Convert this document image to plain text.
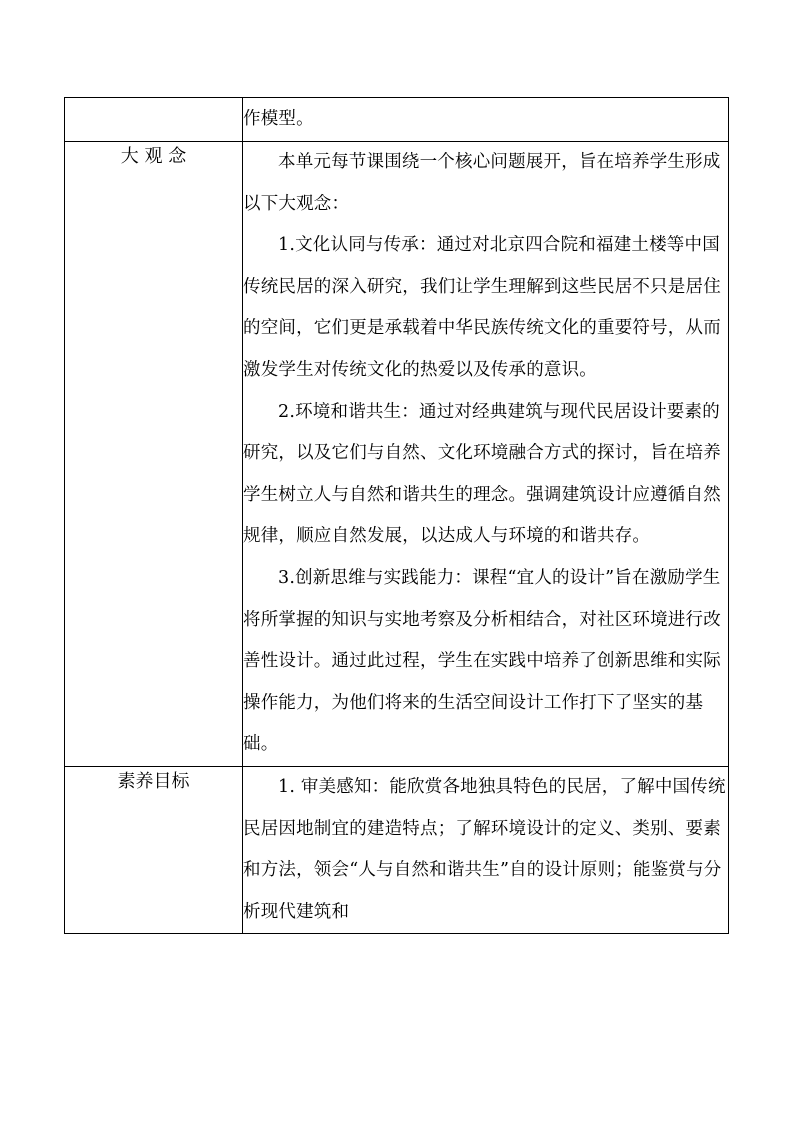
	作模型。

大 观 念	本单元每节课围绕一个核心问题展开，旨在培养学生形成以下大观念：

1.文化认同与传承：通过对北京四合院和福建土楼等中国传统民居的深入研究，我们让学生理解到这些民居不只是居住的空间，它们更是承载着中华民族传统文化的重要符号，从而激发学生对传统文化的热爱以及传承的意识。

2.环境和谐共生：通过对经典建筑与现代民居设计要素的研究，以及它们与自然、文化环境融合方式的探讨，旨在培养学生树立人与自然和谐共生的理念。强调建筑设计应遵循自然规律，顺应自然发展，以达成人与环境的和谐共存。

3.创新思维与实践能力：课程“宜人的设计”旨在激励学生将所掌握的知识与实地考察及分析相结合，对社区环境进行改善性设计。通过此过程，学生在实践中培养了创新思维和实际操作能力，为他们将来的生活空间设计工作打下了坚实的基础。

素养目标	1. 审美感知：能欣赏各地独具特色的民居，了解中国传统民居因地制宜的建造特点；了解环境设计的定义、类别、要素和方法，领会“人与自然和谐共生”自的设计原则；能鉴赏与分析现代建筑和
